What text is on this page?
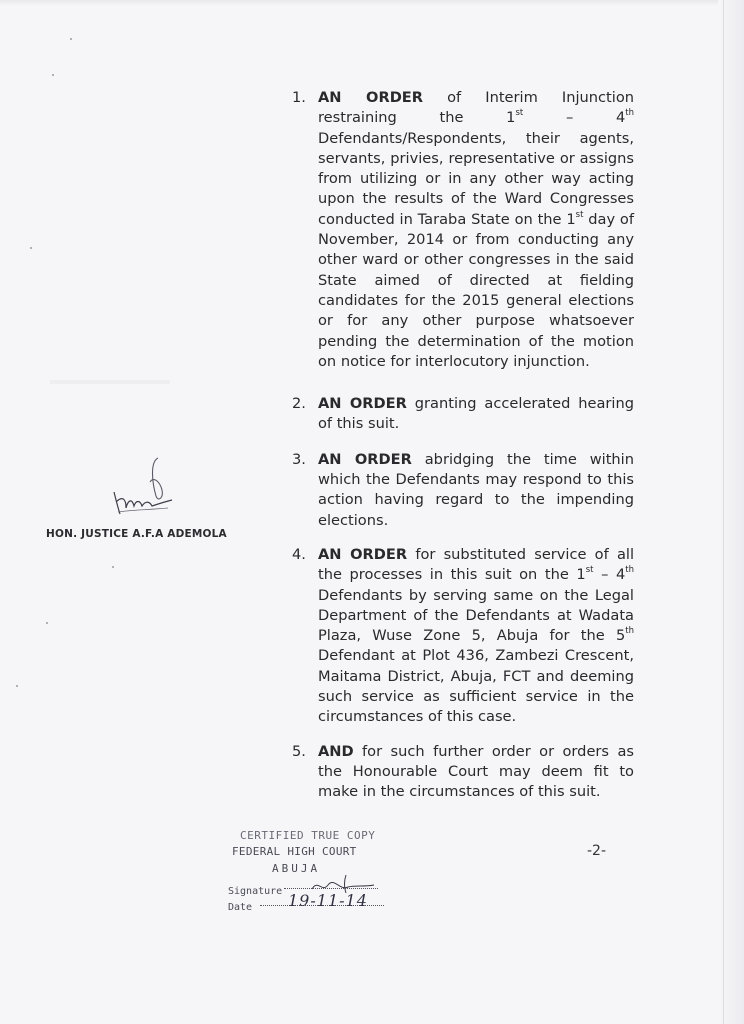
1. AN ORDER of Interim Injunction restraining the 1st – 4th Defendants/Respondents, their agents, servants, privies, representative or assigns from utilizing or in any other way acting upon the results of the Ward Congresses conducted in Taraba State on the 1st day of November, 2014 or from conducting any other ward or other congresses in the said State aimed of directed at fielding candidates for the 2015 general elections or for any other purpose whatsoever pending the determination of the motion on notice for interlocutory injunction.
2. AN ORDER granting accelerated hearing of this suit.
3. AN ORDER abridging the time within which the Defendants may respond to this action having regard to the impending elections.
4. AN ORDER for substituted service of all the processes in this suit on the 1st – 4th Defendants by serving same on the Legal Department of the Defendants at Wadata Plaza, Wuse Zone 5, Abuja for the 5th Defendant at Plot 436, Zambezi Crescent, Maitama District, Abuja, FCT and deeming such service as sufficient service in the circumstances of this case.
5. AND for such further order or orders as the Honourable Court may deem fit to make in the circumstances of this suit.
HON. JUSTICE A.F.A ADEMOLA
-2-
CERTIFIED TRUE COPY
FEDERAL HIGH COURT
ABUJA
Signature
Date 19-11-14
